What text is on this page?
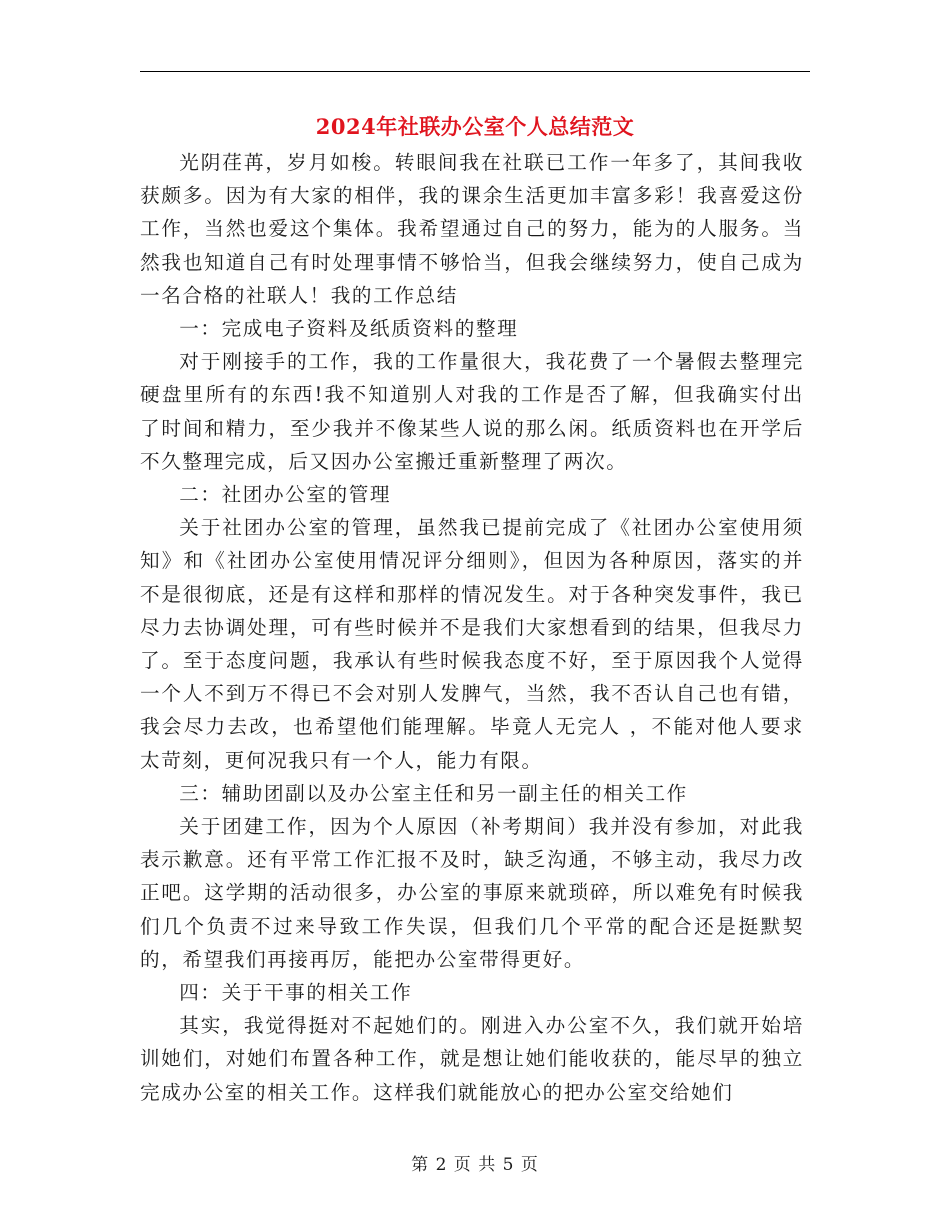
2024年社联办公室个人总结范文

光阴荏苒，岁月如梭。转眼间我在社联已工作一年多了，其间我收获颇多。因为有大家的相伴，我的课余生活更加丰富多彩！我喜爱这份工作，当然也爱这个集体。我希望通过自己的努力，能为的人服务。当然我也知道自己有时处理事情不够恰当，但我会继续努力，使自己成为一名合格的社联人！我的工作总结

一：完成电子资料及纸质资料的整理

对于刚接手的工作，我的工作量很大，我花费了一个暑假去整理完硬盘里所有的东西!我不知道别人对我的工作是否了解，但我确实付出了时间和精力，至少我并不像某些人说的那么闲。纸质资料也在开学后不久整理完成，后又因办公室搬迁重新整理了两次。

二：社团办公室的管理

关于社团办公室的管理，虽然我已提前完成了《社团办公室使用须知》和《社团办公室使用情况评分细则》，但因为各种原因，落实的并不是很彻底，还是有这样和那样的情况发生。对于各种突发事件，我已尽力去协调处理，可有些时候并不是我们大家想看到的结果，但我尽力了。至于态度问题，我承认有些时候我态度不好，至于原因我个人觉得一个人不到万不得已不会对别人发脾气，当然，我不否认自己也有错，我会尽力去改，也希望他们能理解。毕竟人无完人 ，不能对他人要求太苛刻，更何况我只有一个人，能力有限。

三：辅助团副以及办公室主任和另一副主任的相关工作

关于团建工作，因为个人原因（补考期间）我并没有参加，对此我表示歉意。还有平常工作汇报不及时，缺乏沟通，不够主动，我尽力改正吧。这学期的活动很多，办公室的事原来就琐碎，所以难免有时候我们几个负责不过来导致工作失误，但我们几个平常的配合还是挺默契的，希望我们再接再厉，能把办公室带得更好。

四：关于干事的相关工作

其实，我觉得挺对不起她们的。刚进入办公室不久，我们就开始培训她们，对她们布置各种工作，就是想让她们能收获的，能尽早的独立完成办公室的相关工作。这样我们就能放心的把办公室交给她们

第 2 页 共 5 页
